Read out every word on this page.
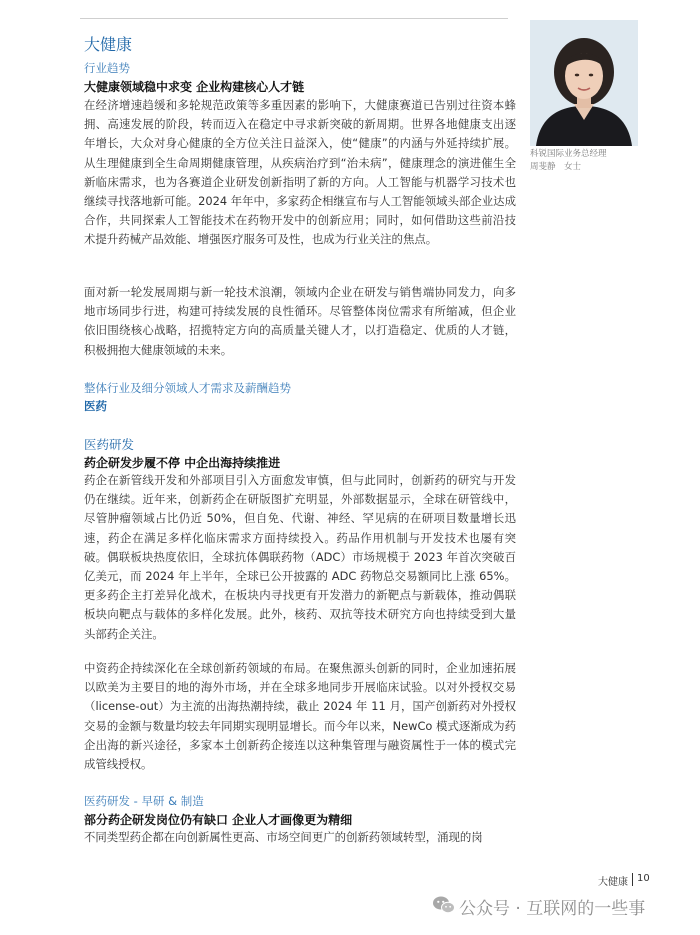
大健康
行业趋势
科锐国际业务总经理
周斐静　女士
大健康领域稳中求变 企业构建核心人才链
在经济增速趋缓和多轮规范政策等多重因素的影响下，大健康赛道已告别过往资本蜂拥、高速发展的阶段，转而迈入在稳定中寻求新突破的新周期。世界各地健康支出逐年增长，大众对身心健康的全方位关注日益深入，使“健康”的内涵与外延持续扩展。从生理健康到全生命周期健康管理，从疾病治疗到“治未病”，健康理念的演进催生全新临床需求，也为各赛道企业研发创新指明了新的方向。人工智能与机器学习技术也继续寻找落地新可能。2024 年年中，多家药企相继宣布与人工智能领域头部企业达成合作，共同探索人工智能技术在药物开发中的创新应用；同时，如何借助这些前沿技术提升药械产品效能、增强医疗服务可及性，也成为行业关注的焦点。
面对新一轮发展周期与新一轮技术浪潮，领域内企业在研发与销售端协同发力，向多地市场同步行进，构建可持续发展的良性循环。尽管整体岗位需求有所缩减，但企业依旧围绕核心战略，招揽特定方向的高质量关键人才，以打造稳定、优质的人才链，积极拥抱大健康领域的未来。
整体行业及细分领域人才需求及薪酬趋势
医药
医药研发
药企研发步履不停 中企出海持续推进
药企在新管线开发和外部项目引入方面愈发审慎，但与此同时，创新药的研究与开发仍在继续。近年来，创新药企在研版图扩充明显，外部数据显示，全球在研管线中，尽管肿瘤领域占比仍近 50%，但自免、代谢、神经、罕见病的在研项目数量增长迅速，药企在满足多样化临床需求方面持续投入。药品作用机制与开发技术也屡有突破。偶联板块热度依旧，全球抗体偶联药物（ADC）市场规模于 2023 年首次突破百亿美元，而 2024 年上半年，全球已公开披露的 ADC 药物总交易额同比上涨 65%。更多药企主打差异化战术，在板块内寻找更有开发潜力的新靶点与新载体，推动偶联板块向靶点与载体的多样化发展。此外，核药、双抗等技术研究方向也持续受到大量头部药企关注。
中资药企持续深化在全球创新药领域的布局。在聚焦源头创新的同时，企业加速拓展以欧美为主要目的地的海外市场，并在全球多地同步开展临床试验。以对外授权交易（license-out）为主流的出海热潮持续，截止 2024 年 11 月，国产创新药对外授权交易的金额与数量均较去年同期实现明显增长。而今年以来，NewCo 模式逐渐成为药企出海的新兴途径，多家本土创新药企接连以这种集管理与融资属性于一体的模式完成管线授权。
医药研发 - 早研 & 制造
部分药企研发岗位仍有缺口 企业人才画像更为精细
不同类型药企都在向创新属性更高、市场空间更广的创新药领域转型，涌现的岗
大健康 10
公众号 · 互联网的一些事
